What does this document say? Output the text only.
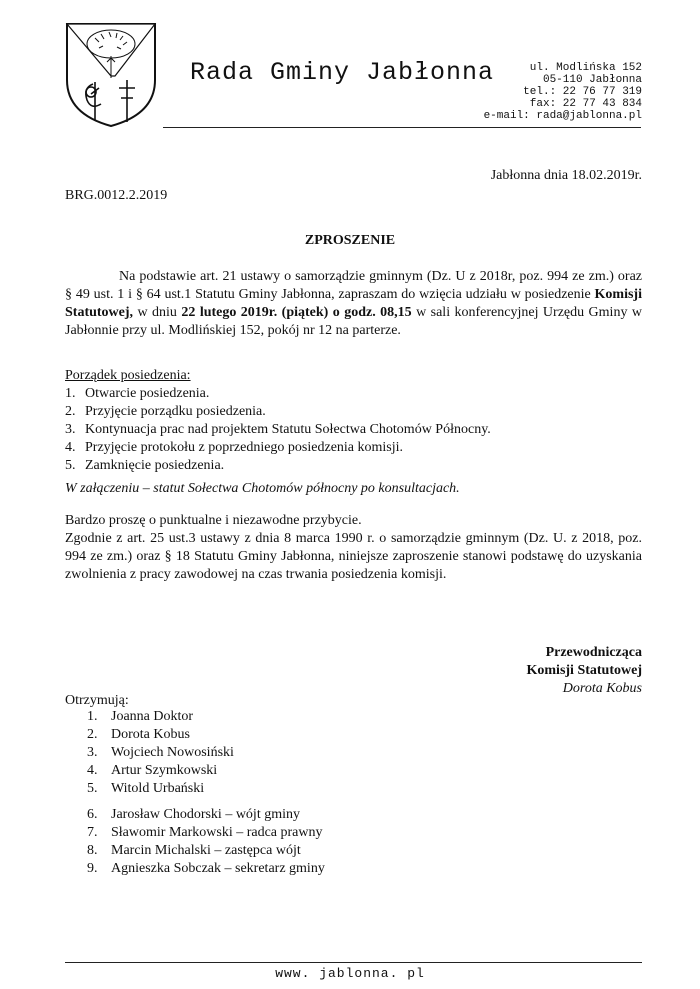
Rada Gminy Jabłonna	ul. Modlińska 152
05-110 Jabłonna
tel.: 22 76 77 319
fax: 22 77 43 834
e-mail: rada@jablonna.pl
Jabłonna dnia 18.02.2019r.
BRG.0012.2.2019
ZPROSZENIE
Na podstawie art. 21 ustawy o samorządzie gminnym (Dz. U z 2018r, poz. 994 ze zm.) oraz § 49 ust. 1 i § 64 ust.1 Statutu Gminy Jabłonna, zapraszam do wzięcia udziału w posiedzenie Komisji Statutowej, w dniu 22 lutego 2019r. (piątek) o godz. 08,15 w sali konferencyjnej Urzędu Gminy w Jabłonnie przy ul. Modlińskiej 152, pokój nr 12 na parterze.
Porządek posiedzenia:
1. Otwarcie posiedzenia.
2. Przyjęcie porządku posiedzenia.
3. Kontynuacja prac nad projektem Statutu Sołectwa Chotomów Północny.
4. Przyjęcie protokołu z poprzedniego posiedzenia komisji.
5. Zamknięcie posiedzenia.
W załączeniu – statut Sołectwa Chotomów północny po konsultacjach.
Bardzo proszę o punktualne i niezawodne przybycie.
Zgodnie z art. 25 ust.3 ustawy z dnia 8 marca 1990 r. o samorządzie gminnym (Dz. U. z 2018, poz. 994 ze zm.) oraz § 18 Statutu Gminy Jabłonna, niniejsze zaproszenie stanowi podstawę do uzyskania zwolnienia z pracy zawodowej na czas trwania posiedzenia komisji.
Przewodnicząca
Komisji Statutowej
Dorota Kobus
Otrzymują:
1. Joanna Doktor
2. Dorota Kobus
3. Wojciech Nowosiński
4. Artur Szymkowski
5. Witold Urbański
6. Jarosław Chodorski – wójt gminy
7. Sławomir Markowski – radca prawny
8. Marcin Michalski – zastępca wójt
9. Agnieszka Sobczak – sekretarz gminy
www. jablonna. pl
